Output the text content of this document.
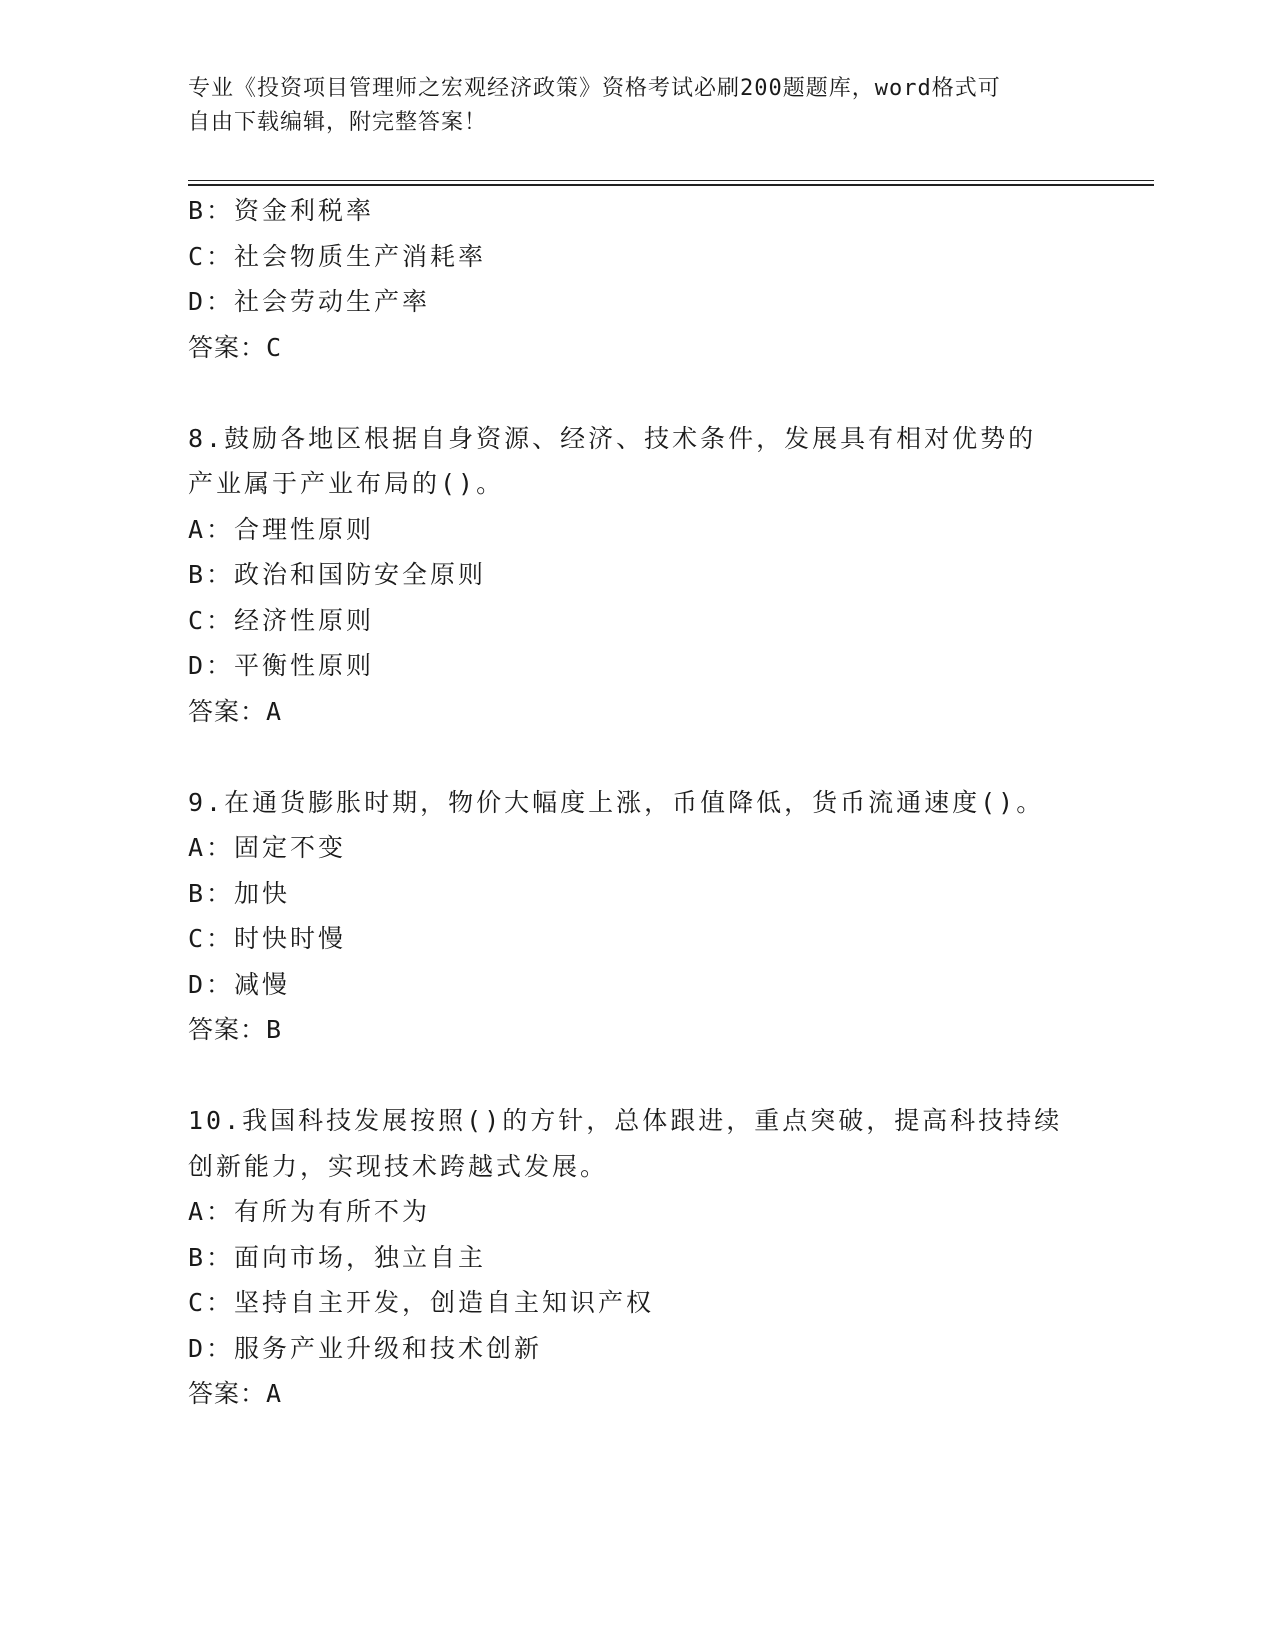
专业《投资项目管理师之宏观经济政策》资格考试必刷200题题库，word格式可
自由下载编辑，附完整答案！
B：资金利税率
C：社会物质生产消耗率
D：社会劳动生产率
答案：C
8.鼓励各地区根据自身资源、经济、技术条件，发展具有相对优势的
产业属于产业布局的()。
A：合理性原则
B：政治和国防安全原则
C：经济性原则
D：平衡性原则
答案：A
9.在通货膨胀时期，物价大幅度上涨，币值降低，货币流通速度()。
A：固定不变
B：加快
C：时快时慢
D：减慢
答案：B
10.我国科技发展按照()的方针，总体跟进，重点突破，提高科技持续
创新能力，实现技术跨越式发展。
A：有所为有所不为
B：面向市场，独立自主
C：坚持自主开发，创造自主知识产权
D：服务产业升级和技术创新
答案：A
